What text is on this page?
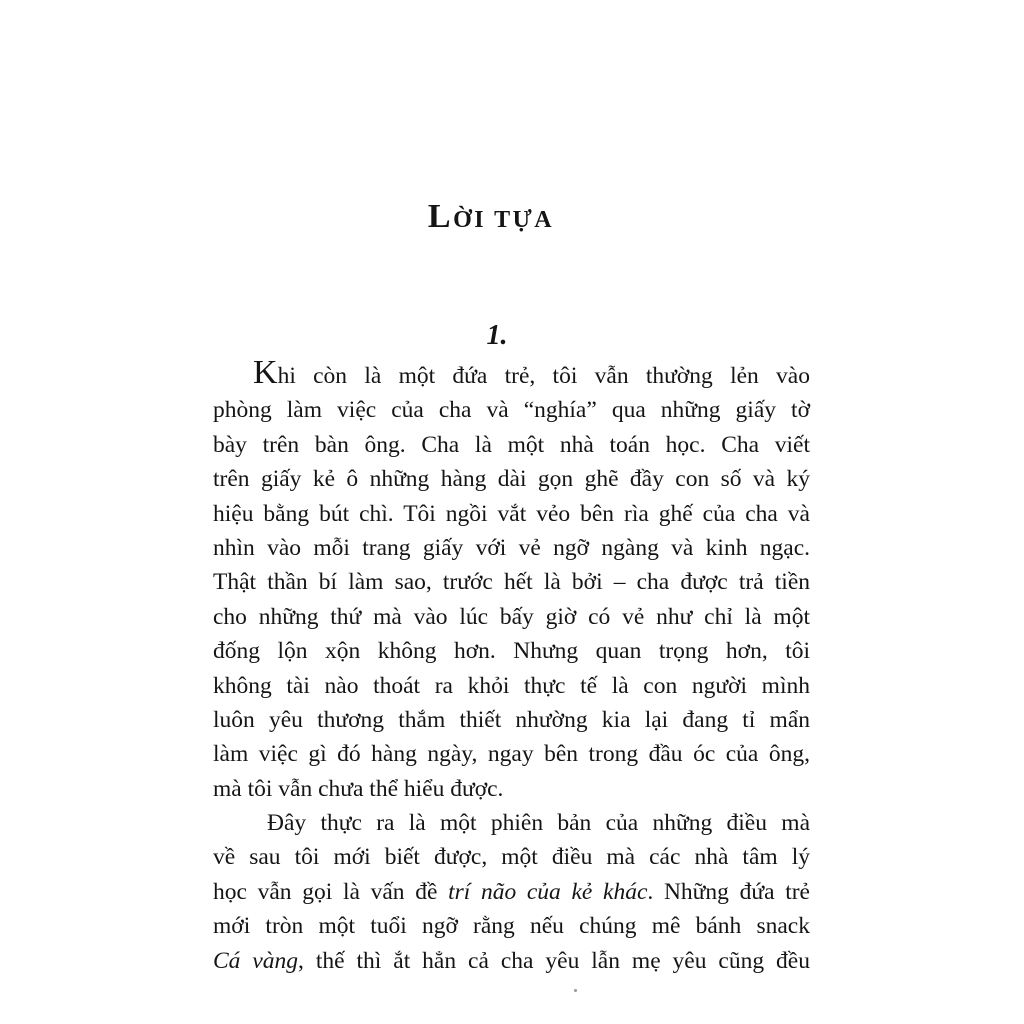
LỜI TỰA
1.
Khi còn là một đứa trẻ, tôi vẫn thường lẻn vào
phòng làm việc của cha và “nghía” qua những giấy tờ
bày trên bàn ông. Cha là một nhà toán học. Cha viết
trên giấy kẻ ô những hàng dài gọn ghẽ đầy con số và ký
hiệu bằng bút chì. Tôi ngồi vắt vẻo bên rìa ghế của cha và
nhìn vào mỗi trang giấy với vẻ ngỡ ngàng và kinh ngạc.
Thật thần bí làm sao, trước hết là bởi – cha được trả tiền
cho những thứ mà vào lúc bấy giờ có vẻ như chỉ là một
đống lộn xộn không hơn. Nhưng quan trọng hơn, tôi
không tài nào thoát ra khỏi thực tế là con người mình
luôn yêu thương thắm thiết nhường kia lại đang tỉ mẩn
làm việc gì đó hàng ngày, ngay bên trong đầu óc của ông,
mà tôi vẫn chưa thể hiểu được.
Đây thực ra là một phiên bản của những điều mà
về sau tôi mới biết được, một điều mà các nhà tâm lý
học vẫn gọi là vấn đề trí não của kẻ khác. Những đứa trẻ
mới tròn một tuổi ngỡ rằng nếu chúng mê bánh snack
Cá vàng, thế thì ắt hẳn cả cha yêu lẫn mẹ yêu cũng đều
